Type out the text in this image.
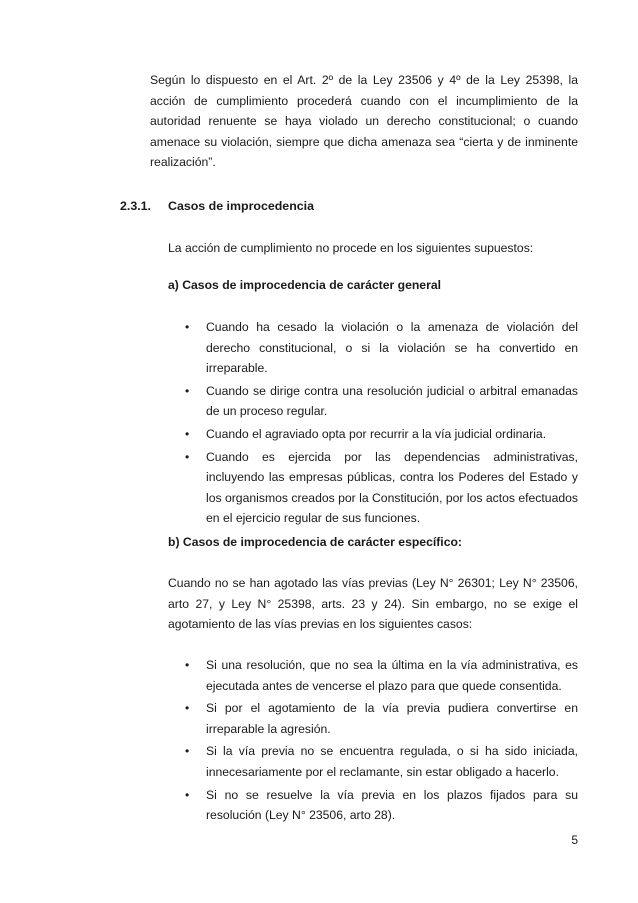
Según lo dispuesto en el Art. 2º de la Ley 23506 y 4º de la Ley 25398, la acción de cumplimiento procederá cuando con el incumplimiento de la autoridad renuente se haya violado un derecho constitucional; o cuando amenace su violación, siempre que dicha amenaza sea “cierta y de inminente realización”.

2.3.1. Casos de improcedencia

La acción de cumplimiento no procede en los siguientes supuestos:

a) Casos de improcedencia de carácter general
• Cuando ha cesado la violación o la amenaza de violación del derecho constitucional, o si la violación se ha convertido en irreparable.
• Cuando se dirige contra una resolución judicial o arbitral emanadas de un proceso regular.
• Cuando el agraviado opta por recurrir a la vía judicial ordinaria.
• Cuando es ejercida por las dependencias administrativas, incluyendo las empresas públicas, contra los Poderes del Estado y los organismos creados por la Constitución, por los actos efectuados en el ejercicio regular de sus funciones.
b) Casos de improcedencia de carácter específico:

Cuando no se han agotado las vías previas (Ley N° 26301; Ley N° 23506, arto 27, y Ley N° 25398, arts. 23 y 24). Sin embargo, no se exige el agotamiento de las vías previas en los siguientes casos:

• Si una resolución, que no sea la última en la vía administrativa, es ejecutada antes de vencerse el plazo para que quede consentida.
• Si por el agotamiento de la vía previa pudiera convertirse en irreparable la agresión.
• Si la vía previa no se encuentra regulada, o si ha sido iniciada, innecesariamente por el reclamante, sin estar obligado a hacerlo.
• Si no se resuelve la vía previa en los plazos fijados para su resolución (Ley N° 23506, arto 28).
5
